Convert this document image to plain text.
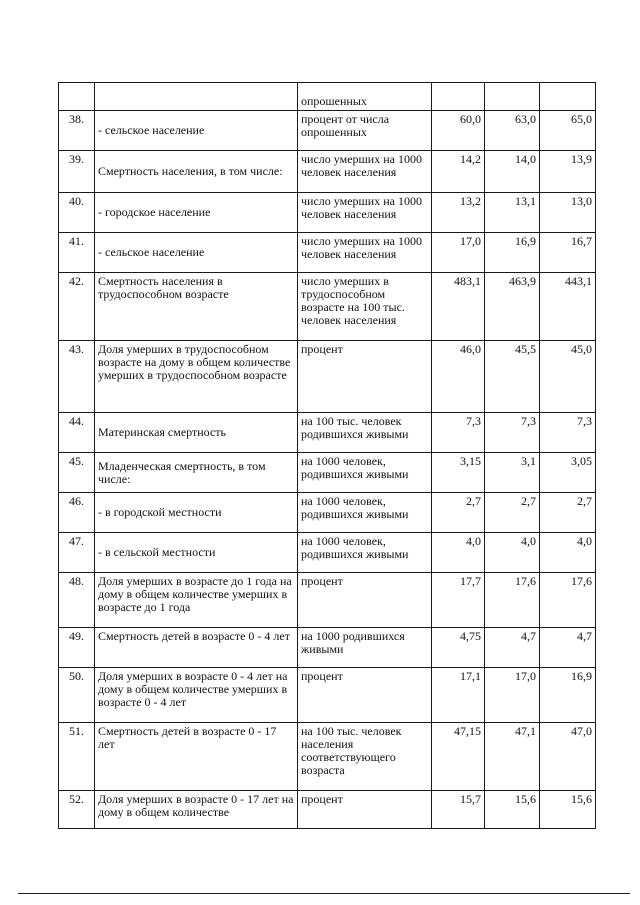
		опрошенных			
38.	- сельское население	процент от числа опрошенных	60,0	63,0	65,0
39.	Смертность населения, в том числе:	число умерших на 1000 человек населения	14,2	14,0	13,9
40.	- городское население	число умерших на 1000 человек населения	13,2	13,1	13,0
41.	- сельское население	число умерших на 1000 человек населения	17,0	16,9	16,7
42.	Смертность населения в трудоспособном возрасте	число умерших в трудоспособном возрасте на 100 тыс. человек населения	483,1	463,9	443,1
43.	Доля умерших в трудоспособном возрасте на дому в общем количестве умерших в трудоспособном возрасте	процент	46,0	45,5	45,0
44.	Материнская смертность	на 100 тыс. человек родившихся живыми	7,3	7,3	7,3
45.	Младенческая смертность, в том числе:	на 1000 человек, родившихся живыми	3,15	3,1	3,05
46.	- в городской местности	на 1000 человек, родившихся живыми	2,7	2,7	2,7
47.	- в сельской местности	на 1000 человек, родившихся живыми	4,0	4,0	4,0
48.	Доля умерших в возрасте до 1 года на дому в общем количестве умерших в возрасте до 1 года	процент	17,7	17,6	17,6
49.	Смертность детей в возрасте 0 - 4 лет	на 1000 родившихся живыми	4,75	4,7	4,7
50.	Доля умерших в возрасте 0 - 4 лет на дому в общем количестве умерших в возрасте 0 - 4 лет	процент	17,1	17,0	16,9
51.	Смертность детей в возрасте 0 - 17 лет	на 100 тыс. человек населения соответствующего возраста	47,15	47,1	47,0
52.	Доля умерших в возрасте 0 - 17 лет на дому в общем количестве	процент	15,7	15,6	15,6
